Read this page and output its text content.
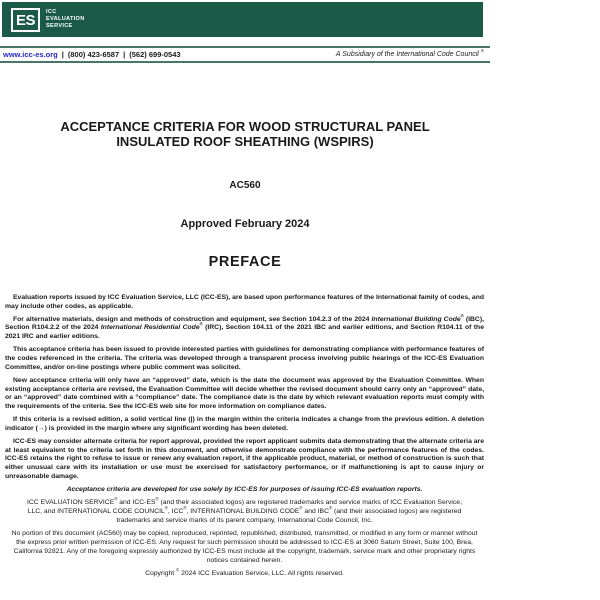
ES	ICC
EVALUATION
SERVICE
www.icc-es.org | (800) 423-6587 | (562) 699-0543	A Subsidiary of the International Code Council ®
ACCEPTANCE CRITERIA FOR WOOD STRUCTURAL PANEL
INSULATED ROOF SHEATHING (WSPIRS)
AC560
Approved February 2024
PREFACE

Evaluation reports issued by ICC Evaluation Service, LLC (ICC-ES), are based upon performance features of the International family of codes, and may include other codes, as applicable.

For alternative materials, design and methods of construction and equipment, see Section 104.2.3 of the 2024 International Building Code® (IBC), Section R104.2.2 of the 2024 International Residential Code® (IRC), Section 104.11 of the 2021 IBC and earlier editions, and Section R104.11 of the 2021 IRC and earlier editions.

This acceptance criteria has been issued to provide interested parties with guidelines for demonstrating compliance with performance features of the codes referenced in the criteria. The criteria was developed through a transparent process involving public hearings of the ICC-ES Evaluation Committee, and/or on-line postings where public comment was solicited.

New acceptance criteria will only have an “approved” date, which is the date the document was approved by the Evaluation Committee. When existing acceptance criteria are revised, the Evaluation Committee will decide whether the revised document should carry only an “approved” date, or an “approved” date combined with a “compliance” date. The compliance date is the date by which relevant evaluation reports must comply with the requirements of the criteria. See the ICC-ES web site for more information on compliance dates.

If this criteria is a revised edition, a solid vertical line (|) in the margin within the criteria indicates a change from the previous edition. A deletion indicator (→) is provided in the margin where any significant wording has been deleted.

ICC-ES may consider alternate criteria for report approval, provided the report applicant submits data demonstrating that the alternate criteria are at least equivalent to the criteria set forth in this document, and otherwise demonstrate compliance with the performance features of the codes. ICC-ES retains the right to refuse to issue or renew any evaluation report, if the applicable product, material, or method of construction is such that either unusual care with its installation or use must be exercised for satisfactory performance, or if malfunctioning is apt to cause injury or unreasonable damage.

Acceptance criteria are developed for use solely by ICC-ES for purposes of issuing ICC-ES evaluation reports.

ICC EVALUATION SERVICE® and ICC-ES® (and their associated logos) are registered trademarks and service marks of ICC Evaluation Service, LLC, and INTERNATIONAL CODE COUNCIL®, ICC®, INTERNATIONAL BUILDING CODE® and IBC® (and their associated logos) are registered trademarks and service marks of its parent company, International Code Council, Inc.

No portion of this document (AC560) may be copied, reproduced, reprinted, republished, distributed, transmitted, or modified in any form or manner without the express prior written permission of ICC-ES. Any request for such permission should be addressed to ICC-ES at 3060 Saturn Street, Suite 100, Brea, California 92821. Any of the foregoing expressly authorized by ICC-ES must include all the copyright, trademark, service mark and other proprietary rights notices contained herein.

Copyright © 2024 ICC Evaluation Service, LLC. All rights reserved.
